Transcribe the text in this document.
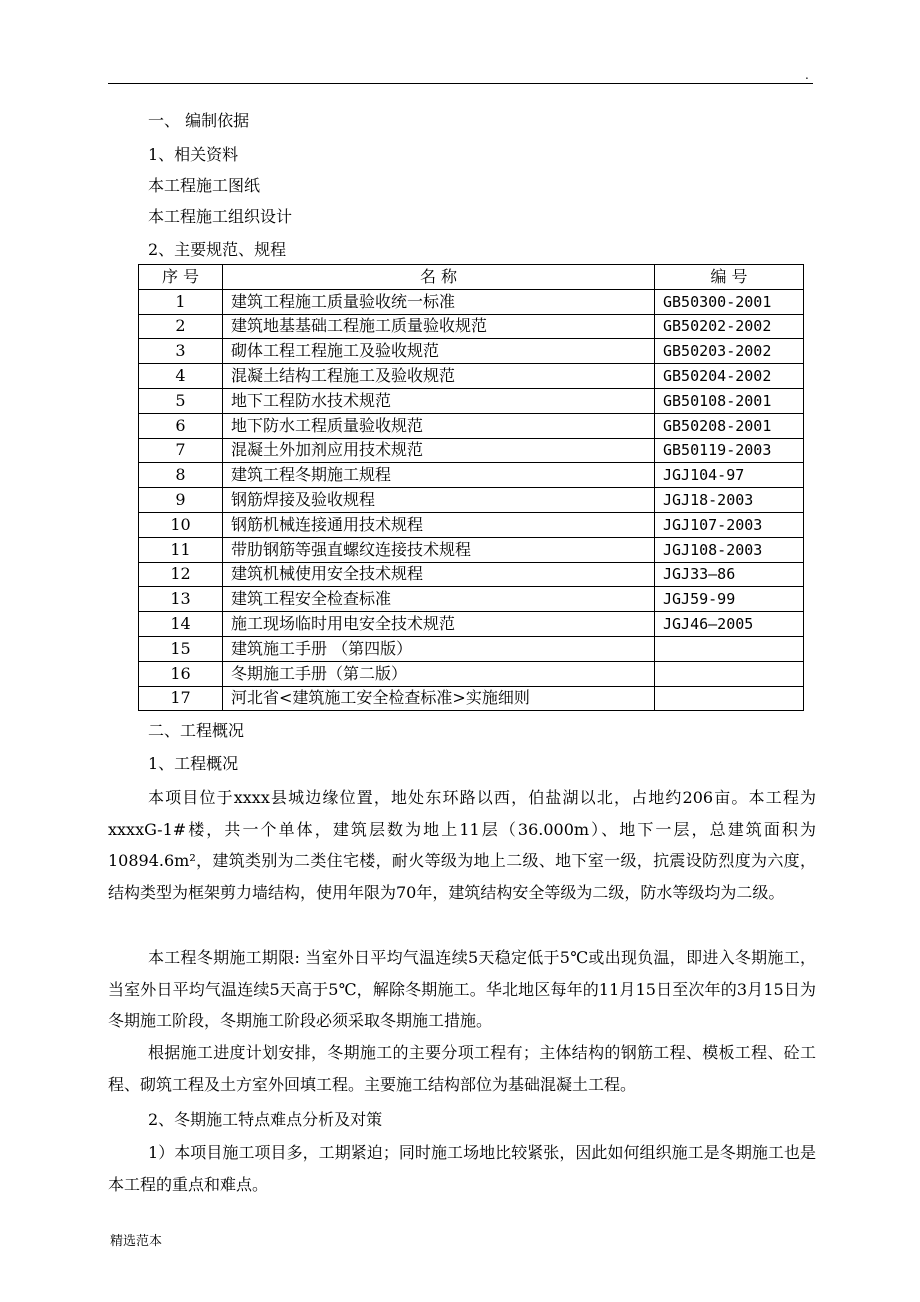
.
一、 编制依据
1、相关资料
本工程施工图纸
本工程施工组织设计
2、主要规范、规程
序 号	名 称	编 号
1	建筑工程施工质量验收统一标准	GB50300-2001
2	建筑地基基础工程施工质量验收规范	GB50202-2002
3	砌体工程工程施工及验收规范	GB50203-2002
4	混凝土结构工程施工及验收规范	GB50204-2002
5	地下工程防水技术规范	GB50108-2001
6	地下防水工程质量验收规范	GB50208-2001
7	混凝土外加剂应用技术规范	GB50119-2003
8	建筑工程冬期施工规程	JGJ104-97
9	钢筋焊接及验收规程	JGJ18-2003
10	钢筋机械连接通用技术规程	JGJ107-2003
11	带肋钢筋等强直螺纹连接技术规程	JGJ108-2003
12	建筑机械使用安全技术规程	JGJ33—86
13	建筑工程安全检查标准	JGJ59-99
14	施工现场临时用电安全技术规范	JGJ46—2005
15	建筑施工手册 （第四版）	
16	冬期施工手册（第二版）	
17	河北省<建筑施工安全检查标准>实施细则	
二、工程概况
1、工程概况
本项目位于xxxx县城边缘位置，地处东环路以西，伯盐湖以北，占地约206亩。本工程为xxxxG-1#楼，共一个单体，建筑层数为地上11层（36.000m）、地下一层，总建筑面积为10894.6m²，建筑类别为二类住宅楼，耐火等级为地上二级、地下室一级，抗震设防烈度为六度，结构类型为框架剪力墙结构，使用年限为70年，建筑结构安全等级为二级，防水等级均为二级。
本工程冬期施工期限: 当室外日平均气温连续5天稳定低于5℃或出现负温，即进入冬期施工，当室外日平均气温连续5天高于5℃，解除冬期施工。华北地区每年的11月15日至次年的3月15日为冬期施工阶段，冬期施工阶段必须采取冬期施工措施。
根据施工进度计划安排，冬期施工的主要分项工程有；主体结构的钢筋工程、模板工程、砼工程、砌筑工程及土方室外回填工程。主要施工结构部位为基础混凝土工程。
2、冬期施工特点难点分析及对策
1）本项目施工项目多，工期紧迫；同时施工场地比较紧张，因此如何组织施工是冬期施工也是本工程的重点和难点。
精选范本
